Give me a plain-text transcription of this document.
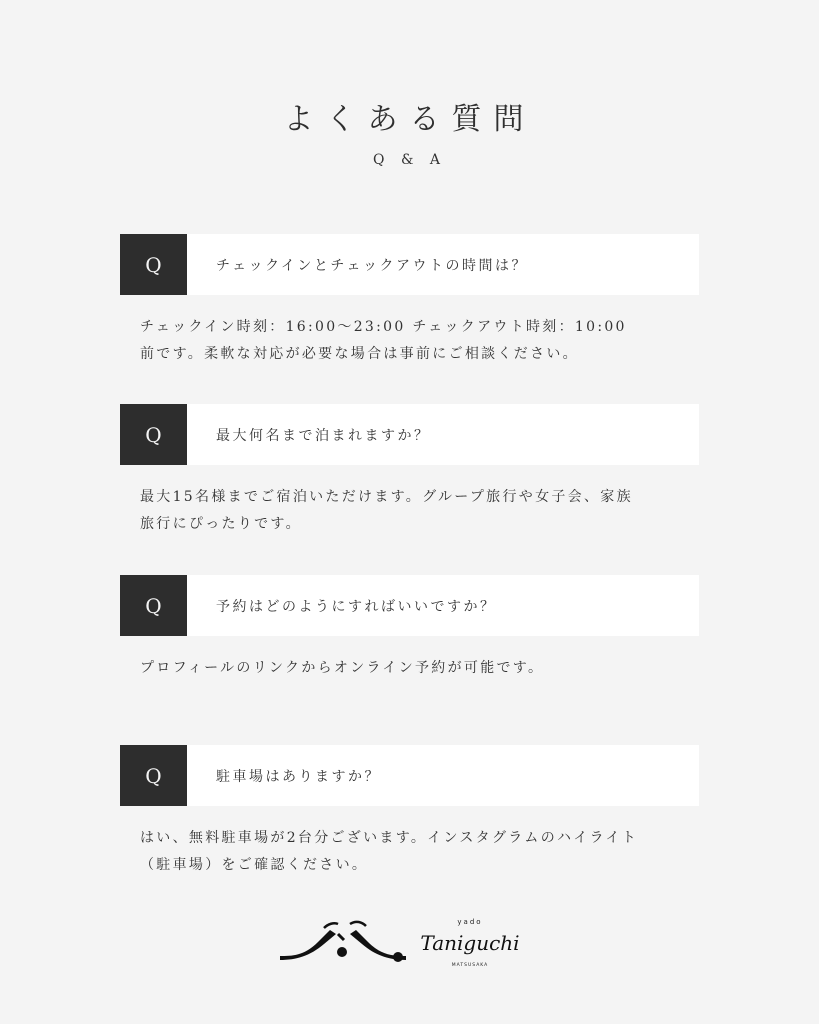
よくある質問
Q & A
Q	チェックインとチェックアウトの時間は？
チェックイン時刻：16:00〜23:00 チェックアウト時刻：10:00
前です。柔軟な対応が必要な場合は事前にご相談ください。
Q	最大何名まで泊まれますか？
最大15名様までご宿泊いただけます。グループ旅行や女子会、家族
旅行にぴったりです。
Q	予約はどのようにすればいいですか？
プロフィールのリンクからオンライン予約が可能です。
Q	駐車場はありますか？
はい、無料駐車場が2台分ございます。インスタグラムのハイライト
（駐車場）をご確認ください。
yado
Taniguchi
MATSUSAKA
